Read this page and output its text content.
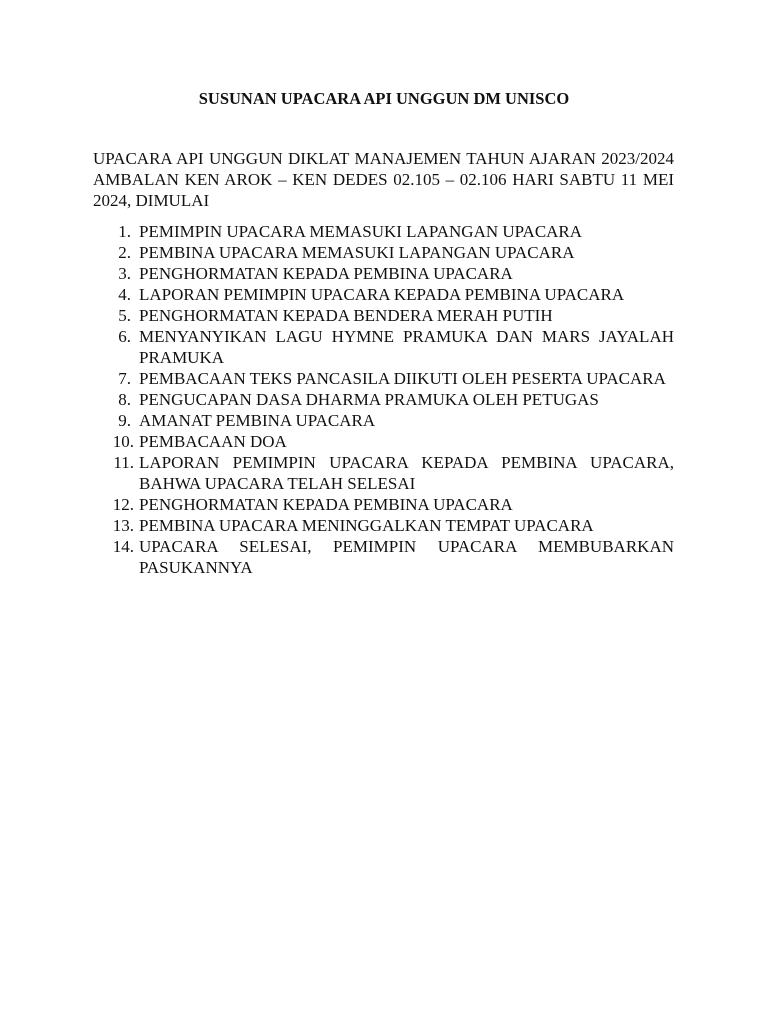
SUSUNAN UPACARA API UNGGUN DM UNISCO
UPACARA API UNGGUN DIKLAT MANAJEMEN TAHUN AJARAN 2023/2024 AMBALAN KEN AROK – KEN DEDES 02.105 – 02.106 HARI SABTU 11 MEI 2024, DIMULAI
1. PEMIMPIN UPACARA MEMASUKI LAPANGAN UPACARA
2. PEMBINA UPACARA MEMASUKI LAPANGAN UPACARA
3. PENGHORMATAN KEPADA PEMBINA UPACARA
4. LAPORAN PEMIMPIN UPACARA KEPADA PEMBINA UPACARA
5. PENGHORMATAN KEPADA BENDERA MERAH PUTIH
6. MENYANYIKAN LAGU HYMNE PRAMUKA DAN MARS JAYALAH PRAMUKA
7. PEMBACAAN TEKS PANCASILA DIIKUTI OLEH PESERTA UPACARA
8. PENGUCAPAN DASA DHARMA PRAMUKA OLEH PETUGAS
9. AMANAT PEMBINA UPACARA
10. PEMBACAAN DOA
11. LAPORAN PEMIMPIN UPACARA KEPADA PEMBINA UPACARA, BAHWA UPACARA TELAH SELESAI
12. PENGHORMATAN KEPADA PEMBINA UPACARA
13. PEMBINA UPACARA MENINGGALKAN TEMPAT UPACARA
14. UPACARA SELESAI, PEMIMPIN UPACARA MEMBUBARKAN PASUKANNYA
